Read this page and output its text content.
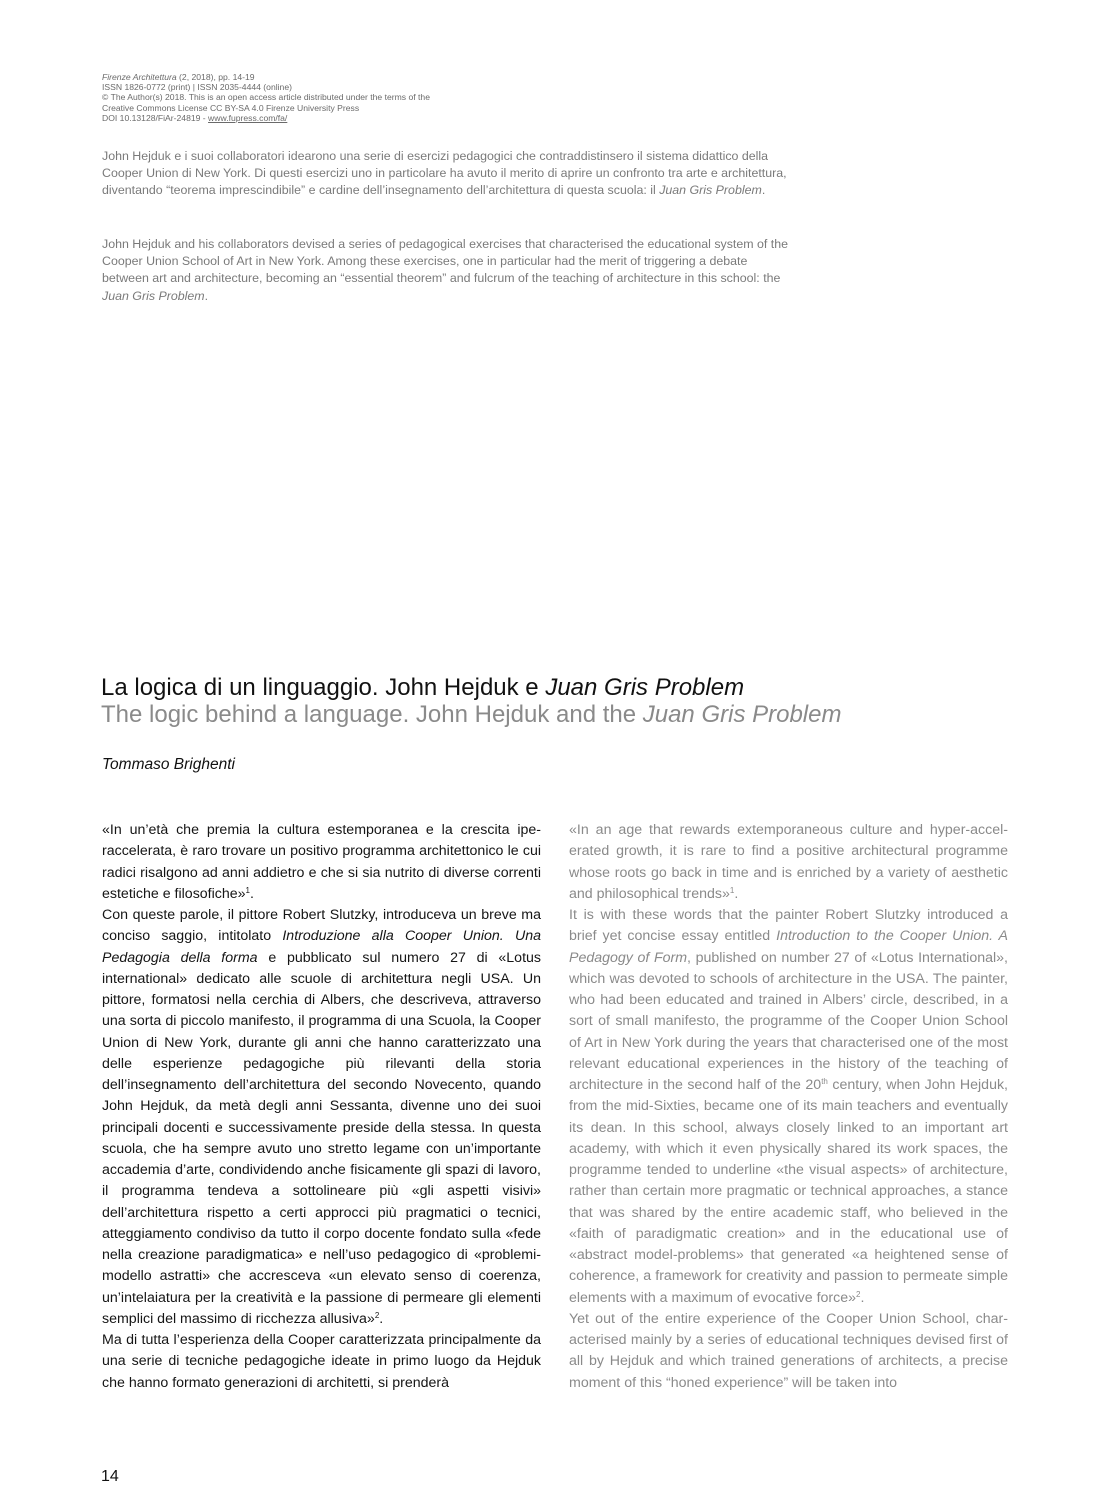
Firenze Architettura (2, 2018), pp. 14-19
ISSN 1826-0772 (print) | ISSN 2035-4444 (online)
© The Author(s) 2018. This is an open access article distributed under the terms of the
Creative Commons License CC BY-SA 4.0 Firenze University Press
DOI 10.13128/FiAr-24819 - www.fupress.com/fa/
John Hejduk e i suoi collaboratori idearono una serie di esercizi pedagogici che contraddistinsero il sistema didattico della Cooper Union di New York. Di questi esercizi uno in particolare ha avuto il merito di aprire un confronto tra arte e architettura, diventando “teorema imprescindibile” e cardine dell’insegnamento dell’architettura di questa scuola: il Juan Gris Problem.
John Hejduk and his collaborators devised a series of pedagogical exercises that characterised the educational system of the Cooper Union School of Art in New York. Among these exercises, one in particular had the merit of triggering a debate between art and architecture, becoming an “essential theorem” and fulcrum of the teaching of architecture in this school: the Juan Gris Problem.
La logica di un linguaggio. John Hejduk e Juan Gris Problem
The logic behind a language. John Hejduk and the Juan Gris Problem
Tommaso Brighenti

«In un’età che premia la cultura estemporanea e la crescita iperaccelerata, è raro trovare un positivo programma architettonico le cui radici risalgono ad anni addietro e che si sia nutrito di diverse correnti estetiche e filosofiche»$^1$.

Con queste parole, il pittore Robert Slutzky, introduceva un breve ma conciso saggio, intitolato Introduzione alla Cooper Union. Una Pedagogia della forma e pubblicato sul numero 27 di «Lotus international» dedicato alle scuole di architettura negli USA. Un pittore, formatosi nella cerchia di Albers, che descriveva, attraverso una sorta di piccolo manifesto, il programma di una Scuola, la Cooper Union di New York, durante gli anni che hanno caratterizzato una delle esperienze pedagogiche più rilevanti della storia dell’insegnamento dell’architettura del secondo Novecento, quando John Hejduk, da metà degli anni Sessanta, divenne uno dei suoi principali docenti e successivamente preside della stessa. In questa scuola, che ha sempre avuto uno stretto legame con un’importante accademia d’arte, condividendo anche fisicamente gli spazi di lavoro, il programma tendeva a sottolineare più «gli aspetti visivi» dell’architettura rispetto a certi approcci più pragmatici o tecnici, atteggiamento condiviso da tutto il corpo docente fondato sulla «fede nella creazione paradigmatica» e nell’uso pedagogico di «problemi-modello astratti» che accresceva «un elevato senso di coerenza, un’intelaiatura per la creatività e la passione di permeare gli elementi semplici del massimo di ricchezza allusiva»$^2$.

Ma di tutta l’esperienza della Cooper caratterizzata principalmente da una serie di tecniche pedagogiche ideate in primo luogo da Hejduk che hanno formato generazioni di architetti, si prenderà

«In an age that rewards extemporaneous culture and hyper-accelerated growth, it is rare to find a positive architectural programme whose roots go back in time and is enriched by a variety of aesthetic and philosophical trends»$^1$.

It is with these words that the painter Robert Slutzky introduced a brief yet concise essay entitled Introduction to the Cooper Union. A Pedagogy of Form, published on number 27 of «Lotus International», which was devoted to schools of architecture in the USA. The painter, who had been educated and trained in Albers’ circle, described, in a sort of small manifesto, the programme of the Cooper Union School of Art in New York during the years that characterised one of the most relevant educational experiences in the history of the teaching of architecture in the second half of the 20th century, when John Hejduk, from the mid-Sixties, became one of its main teachers and eventually its dean. In this school, always closely linked to an important art academy, with which it even physically shared its work spaces, the programme tended to underline «the visual aspects» of architecture, rather than certain more pragmatic or technical approaches, a stance that was shared by the entire academic staff, who believed in the «faith of paradigmatic creation» and in the educational use of «abstract model-problems» that generated «a heightened sense of coherence, a framework for creativity and passion to permeate simple elements with a maximum of evocative force»$^2$.

Yet out of the entire experience of the Cooper Union School, characterised mainly by a series of educational techniques devised first of all by Hejduk and which trained generations of architects, a precise moment of this “honed experience” will be taken into

14
